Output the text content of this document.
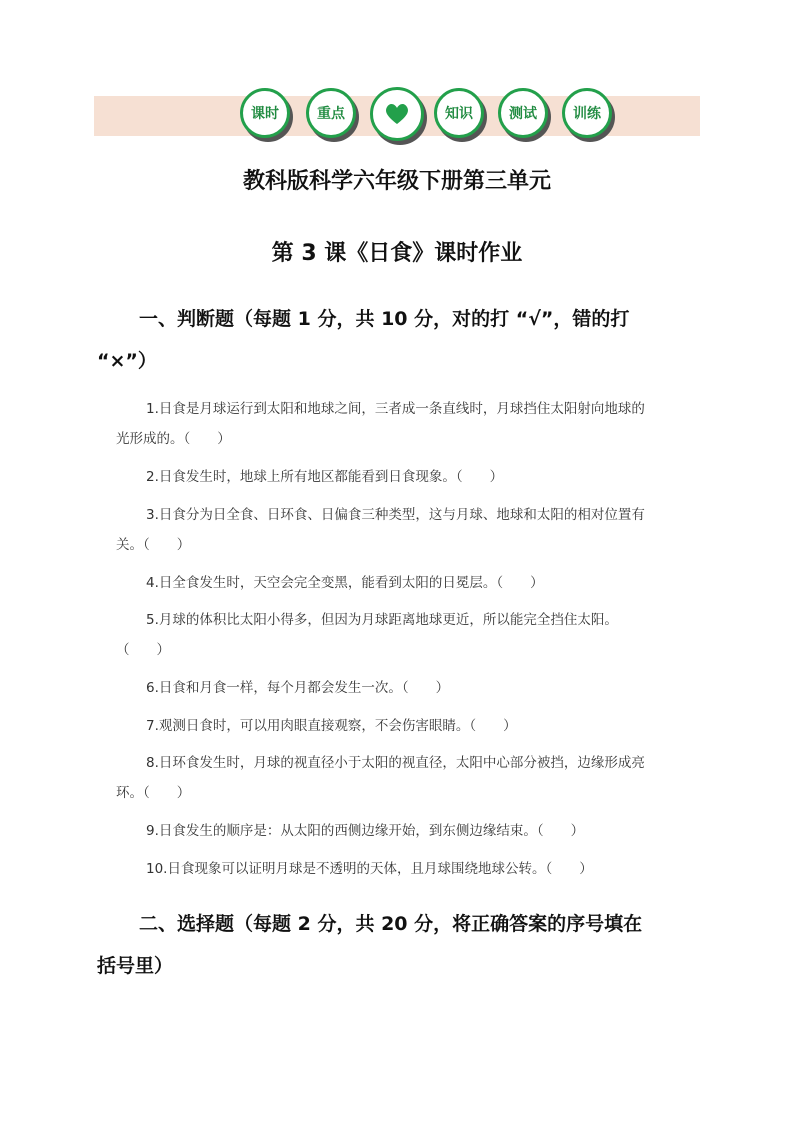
课时	重点	知识	测试	训练
教科版科学六年级下册第三单元
第 3 课《日食》课时作业
一、判断题（每题 1 分，共 10 分，对的打 “√”，错的打
“×”）
1.日食是月球运行到太阳和地球之间，三者成一条直线时，月球挡住太阳射向地球的
光形成的。（　　）
2.日食发生时，地球上所有地区都能看到日食现象。（　　）
3.日食分为日全食、日环食、日偏食三种类型，这与月球、地球和太阳的相对位置有
关。（　　）
4.日全食发生时，天空会完全变黑，能看到太阳的日冕层。（　　）
5.月球的体积比太阳小得多，但因为月球距离地球更近，所以能完全挡住太阳。
（　　）
6.日食和月食一样，每个月都会发生一次。（　　）
7.观测日食时，可以用肉眼直接观察，不会伤害眼睛。（　　）
8.日环食发生时，月球的视直径小于太阳的视直径，太阳中心部分被挡，边缘形成亮
环。（　　）
9.日食发生的顺序是：从太阳的西侧边缘开始，到东侧边缘结束。（　　）
10.日食现象可以证明月球是不透明的天体，且月球围绕地球公转。（　　）
二、选择题（每题 2 分，共 20 分，将正确答案的序号填在
括号里）
